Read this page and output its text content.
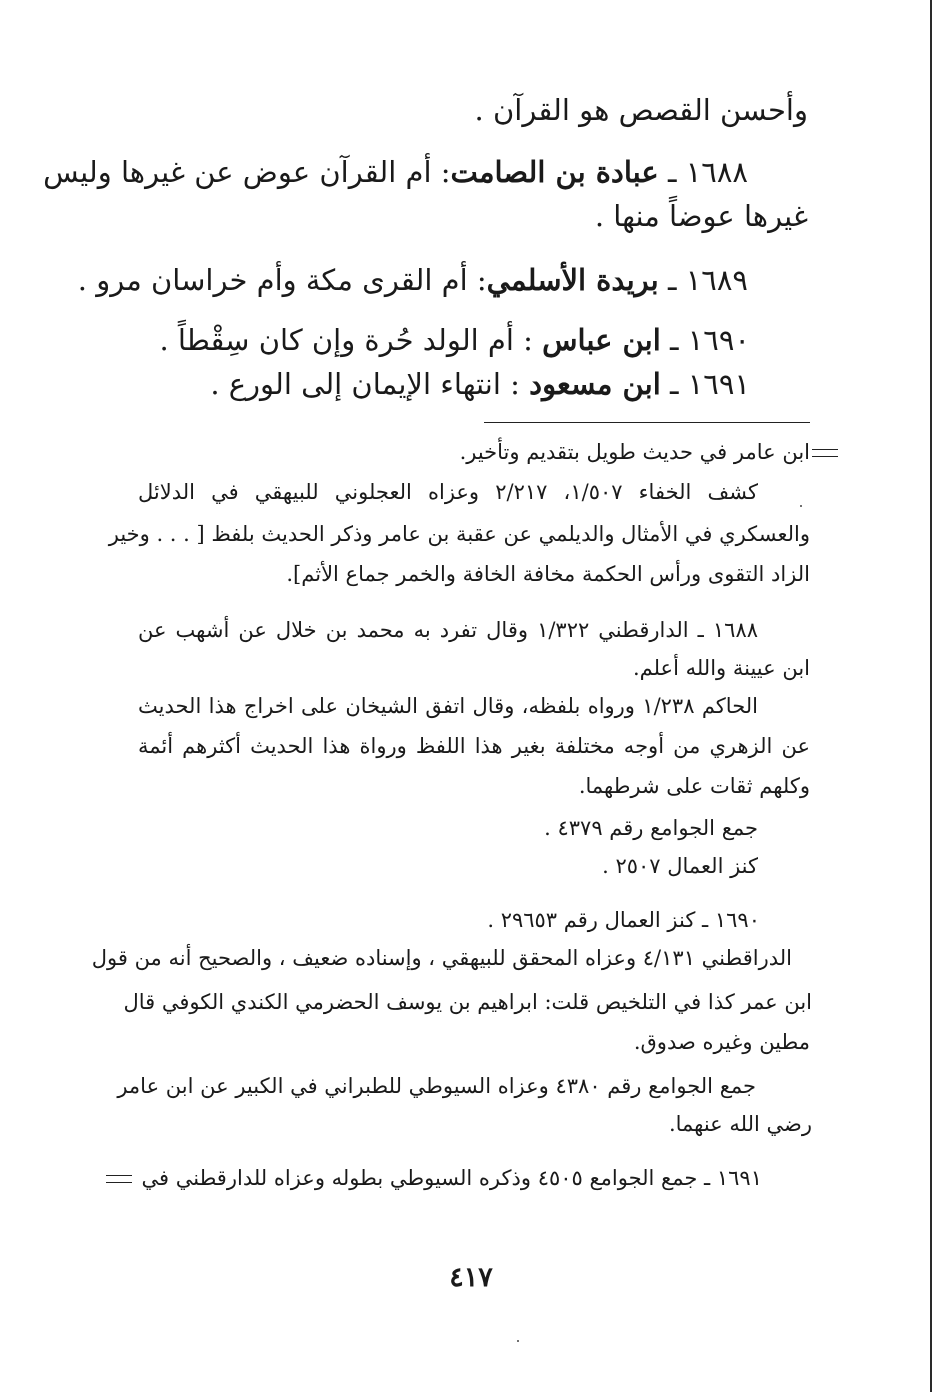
وأحسن القصص هو القرآن .
١٦٨٨ ـ عبادة بن الصامت: أم القرآن عوض عن غيرها وليس
غيرها عوضاً منها .
١٦٨٩ ـ بريدة الأسلمي: أم القرى مكة وأم خراسان مرو .
١٦٩٠ ـ ابن عباس : أم الولد حُرة وإن كان سِقْطاً .
١٦٩١ ـ ابن مسعود : انتهاء الإيمان إلى الورع .
ابن عامر في حديث طويل بتقديم وتأخير.
كشف الخفاء ١/٥٠٧، ٢/٢١٧ وعزاه العجلوني للبيهقي في الدلائل
والعسكري في الأمثال والديلمي عن عقبة بن عامر وذكر الحديث بلفظ [ . . . وخير
الزاد التقوى ورأس الحكمة مخافة الخافة والخمر جماع الأثم].
١٦٨٨ ـ الدارقطني ١/٣٢٢ وقال تفرد به محمد بن خلال عن أشهب عن
ابن عيينة والله أعلم.
الحاكم ١/٢٣٨ ورواه بلفظه، وقال اتفق الشيخان على اخراج هذا الحديث
عن الزهري من أوجه مختلفة بغير هذا اللفظ ورواة هذا الحديث أكثرهم أئمة
وكلهم ثقات على شرطهما.
جمع الجوامع رقم ٤٣٧٩ .
كنز العمال ٢٥٠٧ .
١٦٩٠ ـ كنز العمال رقم ٢٩٦٥٣ .
الدراقطني ٤/١٣١ وعزاه المحقق للبيهقي ، وإسناده ضعيف ، والصحيح أنه من قول
ابن عمر كذا في التلخيص قلت: ابراهيم بن يوسف الحضرمي الكندي الكوفي قال
مطين وغيره صدوق.
جمع الجوامع رقم ٤٣٨٠ وعزاه السيوطي للطبراني في الكبير عن ابن عامر
رضي الله عنهما.
١٦٩١ ـ جمع الجوامع ٤٥٠٥ وذكره السيوطي بطوله وعزاه للدارقطني في
٤١٧
